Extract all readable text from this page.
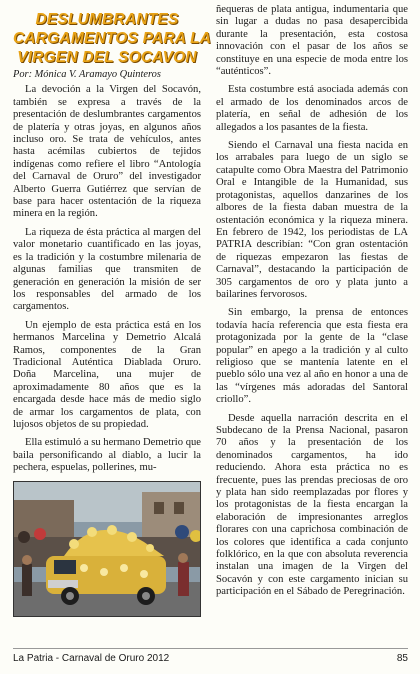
DESLUMBRANTES
CARGAMENTOS PARA LA
VIRGEN DEL SOCAVON
Por: Mónica V. Aramayo Quinteros

La devoción a la Virgen del Socavón, también se expresa a través de la presentación de deslumbrantes cargamentos de platería y otras joyas, en algunos años incluso oro. Se trata de vehículos, antes hasta acémilas cubiertos de tejidos indígenas como refiere el libro “Antología del Carnaval de Oruro” del investigador Alberto Guerra Gutiérrez que servían de base para hacer ostentación de la riqueza minera en la región.

La riqueza de ésta práctica al margen del valor monetario cuantificado en las joyas, es la tradición y la costumbre milenaria de algunas familias que transmiten de generación en generación la misión de ser los responsables del armado de los cargamentos.

Un ejemplo de esta práctica está en los hermanos Marcelina y Demetrio Alcalá Ramos, componentes de la Gran Tradicional Auténtica Diablada Oruro. Doña Marcelina, una mujer de aproximadamente 80 años que es la encargada desde hace más de medio siglo de armar los cargamentos de plata, con lujosos objetos de su propiedad.

Ella estimuló a su hermano Demetrio que baila personificando al diablo, a lucir la pechera, espuelas, pollerines, mu-

ñequeras de plata antigua, indumentaria que sin lugar a dudas no pasa desapercibida durante la presentación, esta costosa innovación con el pasar de los años se constituye en una especie de moda entre los “auténticos”.

Esta costumbre está asociada además con el armado de los denominados arcos de platería, en señal de adhesión de los allegados a los pasantes de la fiesta.

Siendo el Carnaval una fiesta nacida en los arrabales para luego de un siglo se catapulte como Obra Maestra del Patrimonio Oral e Intangible de la Humanidad, sus protagonistas, aquellos danzarines de los albores de la fiesta daban muestra de la ostentación económica y la riqueza minera. En febrero de 1942, los periodistas de LA PATRIA describían: “Con gran ostentación de riquezas empezaron las fiestas de Carnaval”, destacando la participación de 305 cargamentos de oro y plata junto a bailarines fervorosos.

Sin embargo, la prensa de entonces todavía hacía referencia que esta fiesta era protagonizada por la gente de la “clase popular” en apego a la tradición y al culto religioso que se mantenía latente en el pueblo sólo una vez al año en honor a una de las “vírgenes más adoradas del Santoral criollo”.

Desde aquella narración descrita en el Subdecano de la Prensa Nacional, pasaron 70 años y la presentación de los denominados cargamentos, ha ido reduciendo. Ahora esta práctica no es frecuente, pues las prendas preciosas de oro y plata han sido reemplazadas por flores y los protagonistas de la fiesta encargan la elaboración de impresionantes arreglos florares con una caprichosa combinación de los colores que identifica a cada conjunto folklórico, en la que con absoluta reverencia instalan una imagen de la Virgen del Socavón y con este cargamento inician su participación en el Sábado de Peregrinación.

La Patria - Carnaval de Oruro 2012	85
